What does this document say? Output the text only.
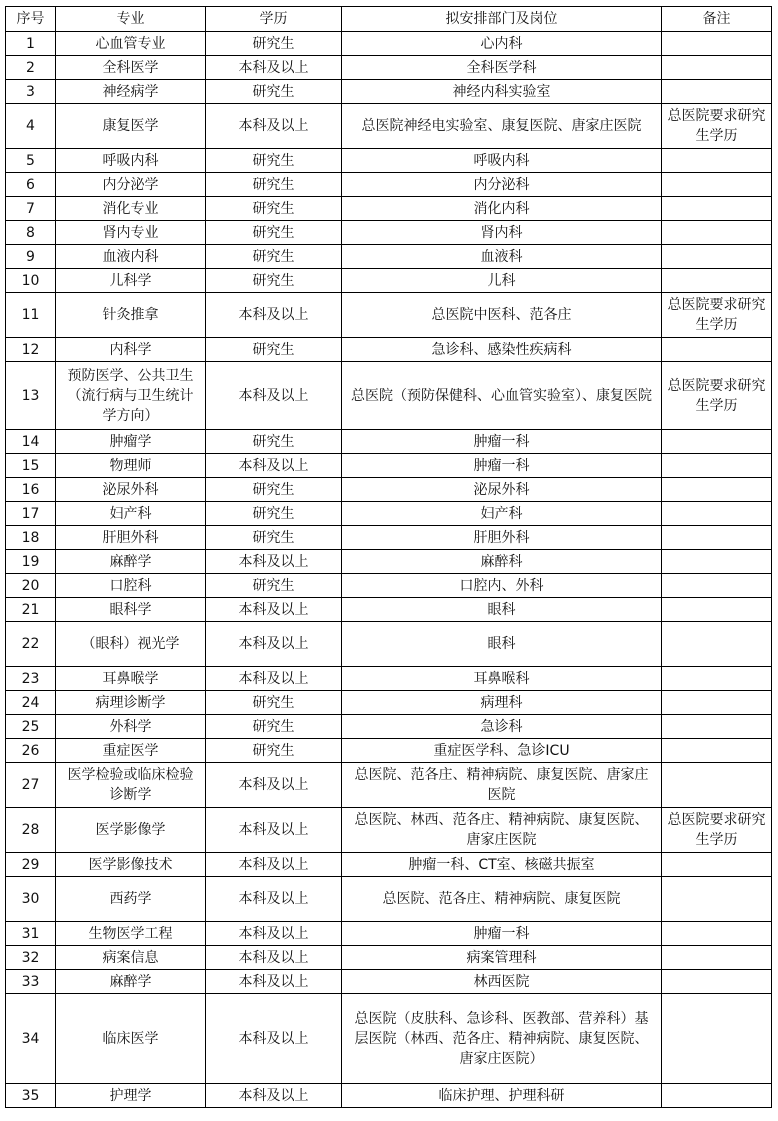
序号	专业	学历	拟安排部门及岗位	备注
1	心血管专业	研究生	心内科	
2	全科医学	本科及以上	全科医学科	
3	神经病学	研究生	神经内科实验室	
4	康复医学	本科及以上	总医院神经电实验室、康复医院、唐家庄医院	总医院要求研究生学历
5	呼吸内科	研究生	呼吸内科	
6	内分泌学	研究生	内分泌科	
7	消化专业	研究生	消化内科	
8	肾内专业	研究生	肾内科	
9	血液内科	研究生	血液科	
10	儿科学	研究生	儿科	
11	针灸推拿	本科及以上	总医院中医科、范各庄	总医院要求研究生学历
12	内科学	研究生	急诊科、感染性疾病科	
13	预防医学、公共卫生（流行病与卫生统计学方向）	本科及以上	总医院（预防保健科、心血管实验室）、康复医院	总医院要求研究生学历
14	肿瘤学	研究生	肿瘤一科	
15	物理师	本科及以上	肿瘤一科	
16	泌尿外科	研究生	泌尿外科	
17	妇产科	研究生	妇产科	
18	肝胆外科	研究生	肝胆外科	
19	麻醉学	本科及以上	麻醉科	
20	口腔科	研究生	口腔内、外科	
21	眼科学	本科及以上	眼科	
22	（眼科）视光学	本科及以上	眼科	
23	耳鼻喉学	本科及以上	耳鼻喉科	
24	病理诊断学	研究生	病理科	
25	外科学	研究生	急诊科	
26	重症医学	研究生	重症医学科、急诊ICU	
27	医学检验或临床检验诊断学	本科及以上	总医院、范各庄、精神病院、康复医院、唐家庄医院	
28	医学影像学	本科及以上	总医院、林西、范各庄、精神病院、康复医院、唐家庄医院	总医院要求研究生学历
29	医学影像技术	本科及以上	肿瘤一科、CT室、核磁共振室	
30	西药学	本科及以上	总医院、范各庄、精神病院、康复医院	
31	生物医学工程	本科及以上	肿瘤一科	
32	病案信息	本科及以上	病案管理科	
33	麻醉学	本科及以上	林西医院	
34	临床医学	本科及以上	总医院（皮肤科、急诊科、医教部、营养科）基层医院（林西、范各庄、精神病院、康复医院、唐家庄医院）	
35	护理学	本科及以上	临床护理、护理科研	
